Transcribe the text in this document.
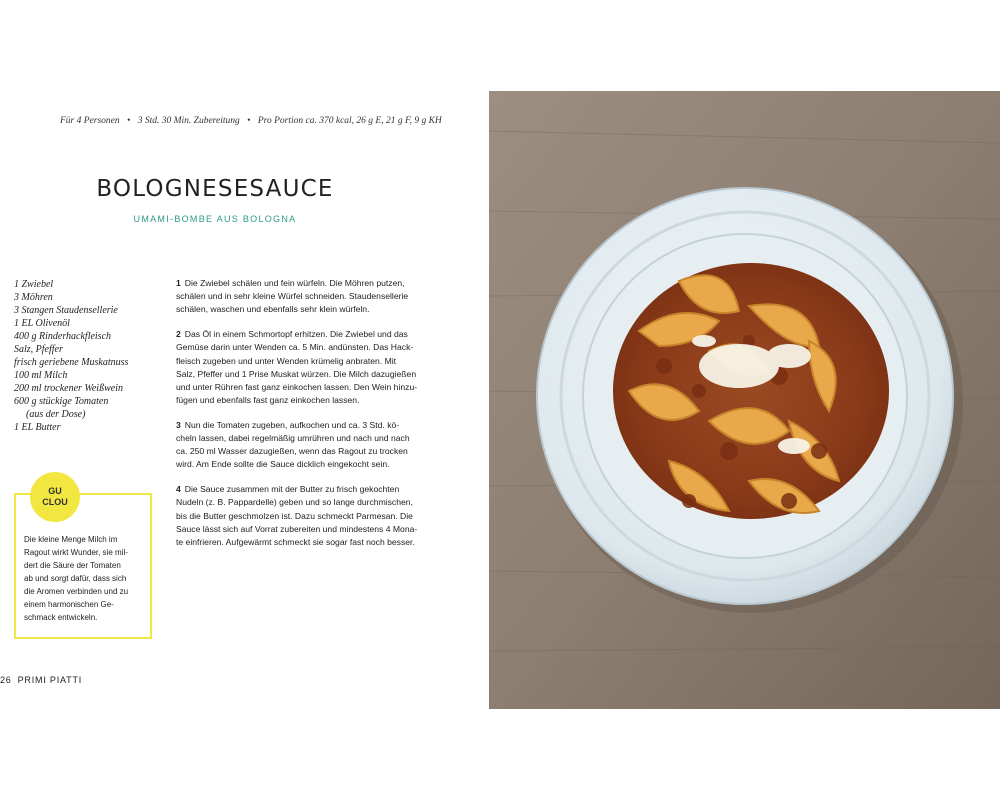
Für 4 Personen • 3 Std. 30 Min. Zubereitung • Pro Portion ca. 370 kcal, 26 g E, 21 g F, 9 g KH
BOLOGNESESAUCE
UMAMI-BOMBE AUS BOLOGNA
1 Zwiebel
3 Möhren
3 Stangen Staudensellerie
1 EL Olivenöl
400 g Rinderhackfleisch
Salz, Pfeffer
frisch geriebene Muskatnuss
100 ml Milch
200 ml trockener Weißwein
600 g stückige Tomaten
(aus der Dose)
1 EL Butter

1 Die Zwiebel schälen und fein würfeln. Die Möhren putzen,
schälen und in sehr kleine Würfel schneiden. Staudensellerie
schälen, waschen und ebenfalls sehr klein würfeln.

2 Das Öl in einem Schmortopf erhitzen. Die Zwiebel und das
Gemüse darin unter Wenden ca. 5 Min. andünsten. Das Hack-
fleisch zugeben und unter Wenden krümelig anbraten. Mit
Salz, Pfeffer und 1 Prise Muskat würzen. Die Milch dazugießen
und unter Rühren fast ganz einkochen lassen. Den Wein hinzu-
fügen und ebenfalls fast ganz einkochen lassen.

3 Nun die Tomaten zugeben, aufkochen und ca. 3 Std. kö-
cheln lassen, dabei regelmäßig umrühren und nach und nach
ca. 250 ml Wasser dazugießen, wenn das Ragout zu trocken
wird. Am Ende sollte die Sauce dicklich eingekocht sein.

4 Die Sauce zusammen mit der Butter zu frisch gekochten
Nudeln (z. B. Pappardelle) geben und so lange durchmischen,
bis die Butter geschmolzen ist. Dazu schmeckt Parmesan. Die
Sauce lässt sich auf Vorrat zubereiten und mindestens 4 Mona-
te einfrieren. Aufgewärmt schmeckt sie sogar fast noch besser.

GU
CLOU
Die kleine Menge Milch im
Ragout wirkt Wunder, sie mil-
dert die Säure der Tomaten
ab und sorgt dafür, dass sich
die Aromen verbinden und zu
einem harmonischen Ge-
schmack entwickeln.
26 PRIMI PIATTI
